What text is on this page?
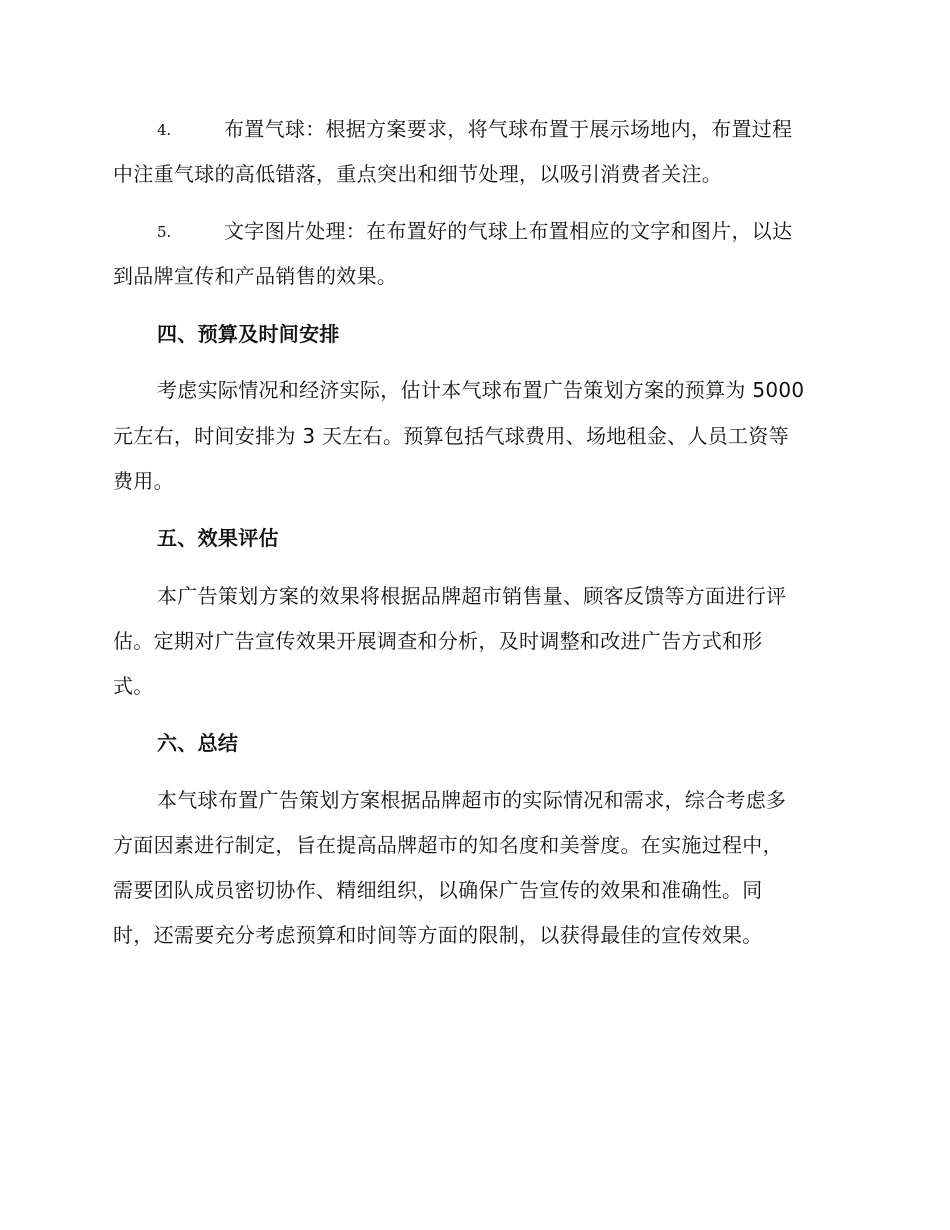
4.	布置气球：根据方案要求，将气球布置于展示场地内，布置过程
中注重气球的高低错落，重点突出和细节处理，以吸引消费者关注。
5.	文字图片处理：在布置好的气球上布置相应的文字和图片，以达
到品牌宣传和产品销售的效果。
四、预算及时间安排
考虑实际情况和经济实际，估计本气球布置广告策划方案的预算为 5000
元左右，时间安排为 3 天左右。预算包括气球费用、场地租金、人员工资等
费用。
五、效果评估
本广告策划方案的效果将根据品牌超市销售量、顾客反馈等方面进行评
估。定期对广告宣传效果开展调查和分析，及时调整和改进广告方式和形
式。
六、总结
本气球布置广告策划方案根据品牌超市的实际情况和需求，综合考虑多
方面因素进行制定，旨在提高品牌超市的知名度和美誉度。在实施过程中，
需要团队成员密切协作、精细组织，以确保广告宣传的效果和准确性。同
时，还需要充分考虑预算和时间等方面的限制，以获得最佳的宣传效果。
